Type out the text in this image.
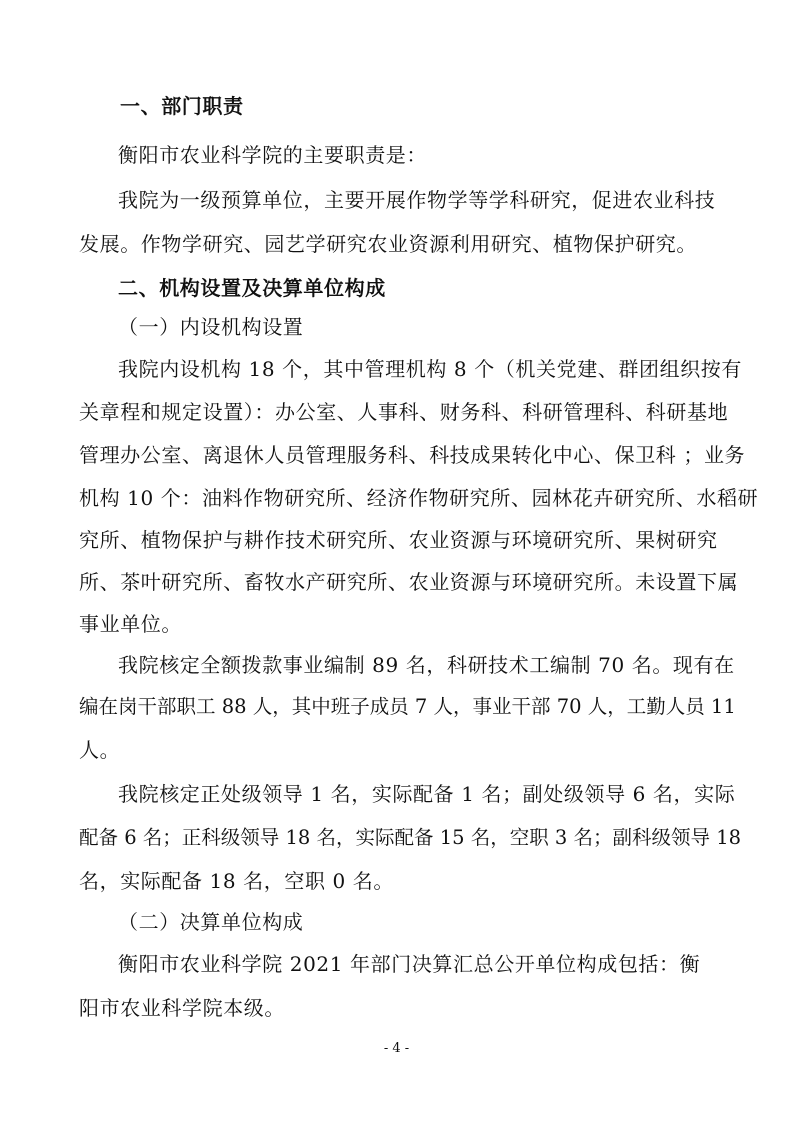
一、部门职责
衡阳市农业科学院的主要职责是：
我院为一级预算单位，主要开展作物学等学科研究，促进农业科技
发展。作物学研究、园艺学研究农业资源利用研究、植物保护研究。
二、机构设置及决算单位构成
（一）内设机构设置
我院内设机构 18 个，其中管理机构 8 个（机关党建、群团组织按有
关章程和规定设置）：办公室、人事科、财务科、科研管理科、科研基地
管理办公室、离退休人员管理服务科、科技成果转化中心、保卫科 ；业务
机构 10 个：油料作物研究所、经济作物研究所、园林花卉研究所、水稻研
究所、植物保护与耕作技术研究所、农业资源与环境研究所、果树研究
所、茶叶研究所、畜牧水产研究所、农业资源与环境研究所。未设置下属
事业单位。
我院核定全额拨款事业编制 89 名，科研技术工编制 70 名。现有在
编在岗干部职工 88 人，其中班子成员 7 人，事业干部 70 人，工勤人员 11
人。
我院核定正处级领导 1 名，实际配备 1 名；副处级领导 6 名，实际
配备 6 名；正科级领导 18 名，实际配备 15 名，空职 3 名；副科级领导 18
名，实际配备 18 名，空职 0 名。
（二）决算单位构成
衡阳市农业科学院 2021 年部门决算汇总公开单位构成包括：衡
阳市农业科学院本级。
- 4 -
